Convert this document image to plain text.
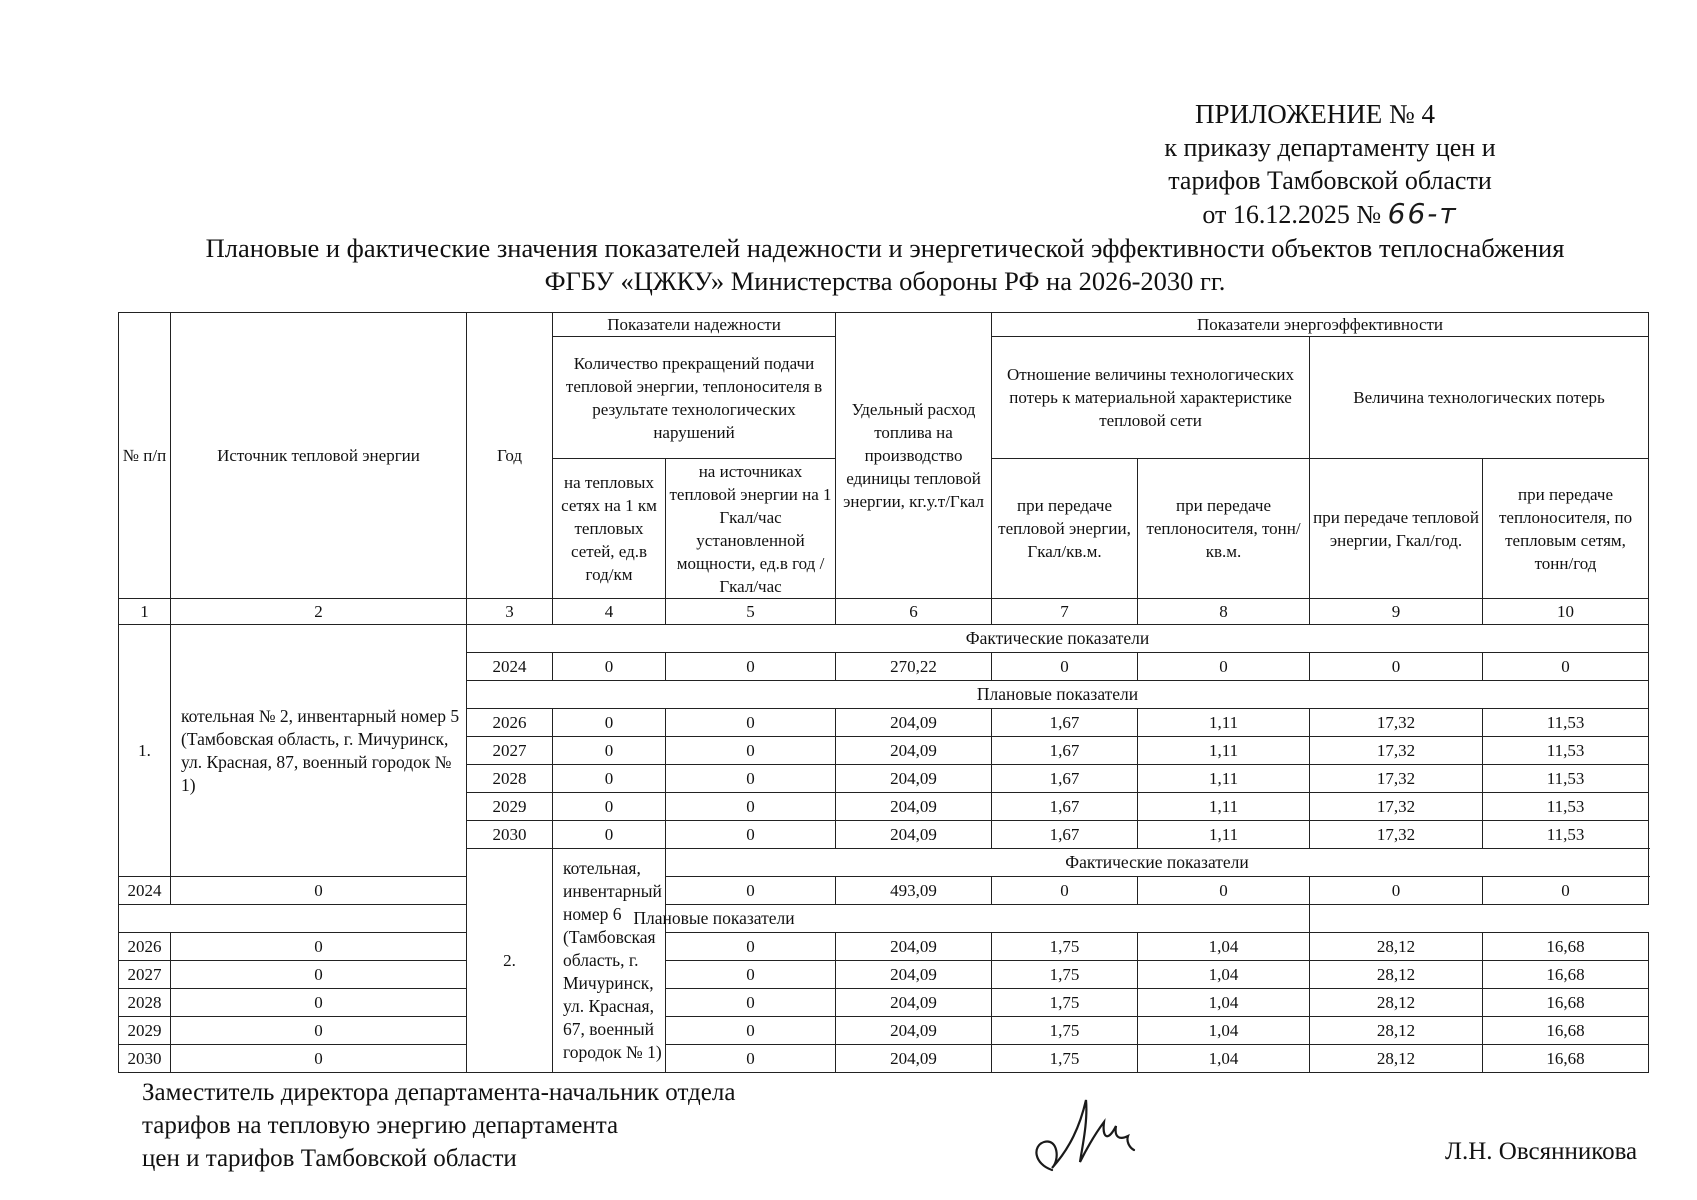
ПРИЛОЖЕНИЕ № 4
к приказу департаменту цен и
тарифов Тамбовской области
от 16.12.2025 № 66-т
Плановые и фактические значения показателей надежности и энергетической эффективности объектов теплоснабжения
ФГБУ «ЦЖКУ» Министерства обороны РФ на 2026-2030 гг.
№ п/п	Источник тепловой энергии	Год	Показатели надежности		Удельный расход топлива на производство единицы тепловой энергии, кг.у.т/Гкал	Показатели энергоэффективности			
			Количество прекращений подачи тепловой энергии, теплоносителя в результате технологических нарушений			Отношение величины технологических потерь к материальной характеристике тепловой сети		Величина технологических потерь	

			на тепловых сетях на 1 км тепловых сетей, ед.в год/км	на источниках тепловой энергии на 1 Гкал/час установленной мощности, ед.в год /Гкал/час		при передаче тепловой энергии, Гкал/кв.м.	при передаче теплоносителя, тонн/кв.м.	при передаче тепловой энергии, Гкал/год.	при передаче теплоносителя, по тепловым сетям, тонн/год
1	2	3	4	5	6	7	8	9	10
1.	котельная № 2, инвентарный номер 5 (Тамбовская область, г. Мичуринск, ул. Красная, 87, военный городок № 1)	Фактические показатели							
		2024	0	0	270,22	0	0	0	0
		Плановые показатели							
		2026	0	0	204,09	1,67	1,11	17,32	11,53
		2027	0	0	204,09	1,67	1,11	17,32	11,53
		2028	0	0	204,09	1,67	1,11	17,32	11,53
		2029	0	0	204,09	1,67	1,11	17,32	11,53
		2030	0	0	204,09	1,67	1,11	17,32	11,53
		2.	котельная, инвентарный номер 6 (Тамбовская область, г. Мичуринск, ул. Красная, 67, военный городок № 1)	Фактические показатели					
2024	0			0	493,09	0	0	0	0
Плановые показатели									
2026	0			0	204,09	1,75	1,04	28,12	16,68
2027	0			0	204,09	1,75	1,04	28,12	16,68
2028	0			0	204,09	1,75	1,04	28,12	16,68
2029	0			0	204,09	1,75	1,04	28,12	16,68
2030	0			0	204,09	1,75	1,04	28,12	16,68
Заместитель директора департамента-начальник отдела
тарифов на тепловую энергию департамента
цен и тарифов Тамбовской области	Л.Н. Овсянникова
